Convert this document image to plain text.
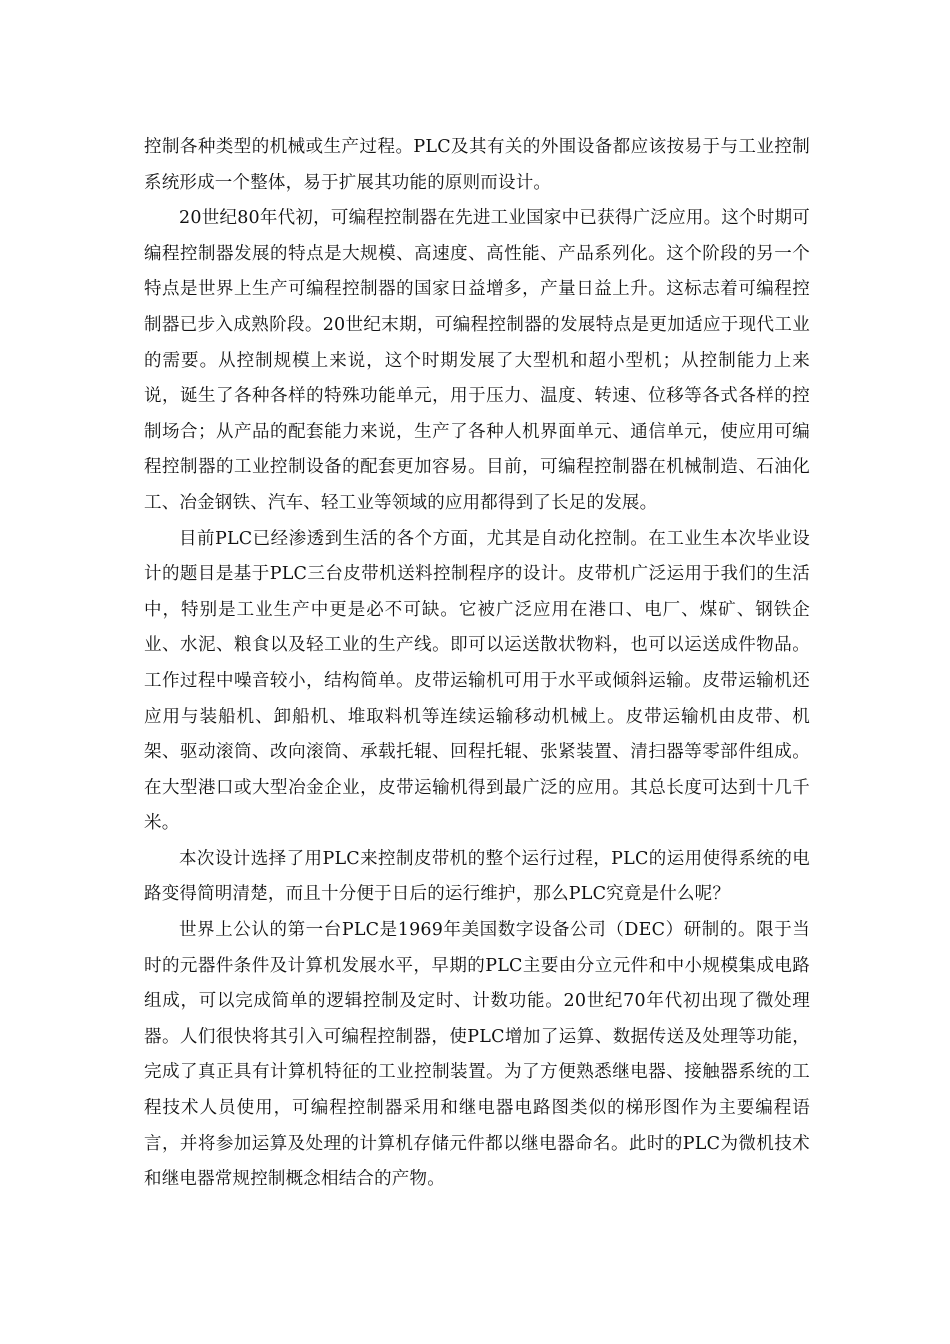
控制各种类型的机械或生产过程。PLC及其有关的外围设备都应该按易于与工业控制系统形成一个整体，易于扩展其功能的原则而设计。

20世纪80年代初，可编程控制器在先进工业国家中已获得广泛应用。这个时期可编程控制器发展的特点是大规模、高速度、高性能、产品系列化。这个阶段的另一个特点是世界上生产可编程控制器的国家日益增多，产量日益上升。这标志着可编程控制器已步入成熟阶段。20世纪末期，可编程控制器的发展特点是更加适应于现代工业的需要。从控制规模上来说，这个时期发展了大型机和超小型机；从控制能力上来说，诞生了各种各样的特殊功能单元，用于压力、温度、转速、位移等各式各样的控制场合；从产品的配套能力来说，生产了各种人机界面单元、通信单元，使应用可编程控制器的工业控制设备的配套更加容易。目前，可编程控制器在机械制造、石油化工、冶金钢铁、汽车、轻工业等领域的应用都得到了长足的发展。

目前PLC已经渗透到生活的各个方面，尤其是自动化控制。在工业生本次毕业设计的题目是基于PLC三台皮带机送料控制程序的设计。皮带机广泛运用于我们的生活中，特别是工业生产中更是必不可缺。它被广泛应用在港口、电厂、煤矿、钢铁企业、水泥、粮食以及轻工业的生产线。即可以运送散状物料，也可以运送成件物品。工作过程中噪音较小，结构简单。皮带运输机可用于水平或倾斜运输。皮带运输机还应用与装船机、卸船机、堆取料机等连续运输移动机械上。皮带运输机由皮带、机架、驱动滚筒、改向滚筒、承载托辊、回程托辊、张紧装置、清扫器等零部件组成。在大型港口或大型冶金企业，皮带运输机得到最广泛的应用。其总长度可达到十几千米。

本次设计选择了用PLC来控制皮带机的整个运行过程，PLC的运用使得系统的电路变得简明清楚，而且十分便于日后的运行维护，那么PLC究竟是什么呢？

世界上公认的第一台PLC是1969年美国数字设备公司（DEC）研制的。限于当时的元器件条件及计算机发展水平，早期的PLC主要由分立元件和中小规模集成电路组成，可以完成简单的逻辑控制及定时、计数功能。20世纪70年代初出现了微处理器。人们很快将其引入可编程控制器，使PLC增加了运算、数据传送及处理等功能，完成了真正具有计算机特征的工业控制装置。为了方便熟悉继电器、接触器系统的工程技术人员使用，可编程控制器采用和继电器电路图类似的梯形图作为主要编程语言，并将参加运算及处理的计算机存储元件都以继电器命名。此时的PLC为微机技术和继电器常规控制概念相结合的产物。
